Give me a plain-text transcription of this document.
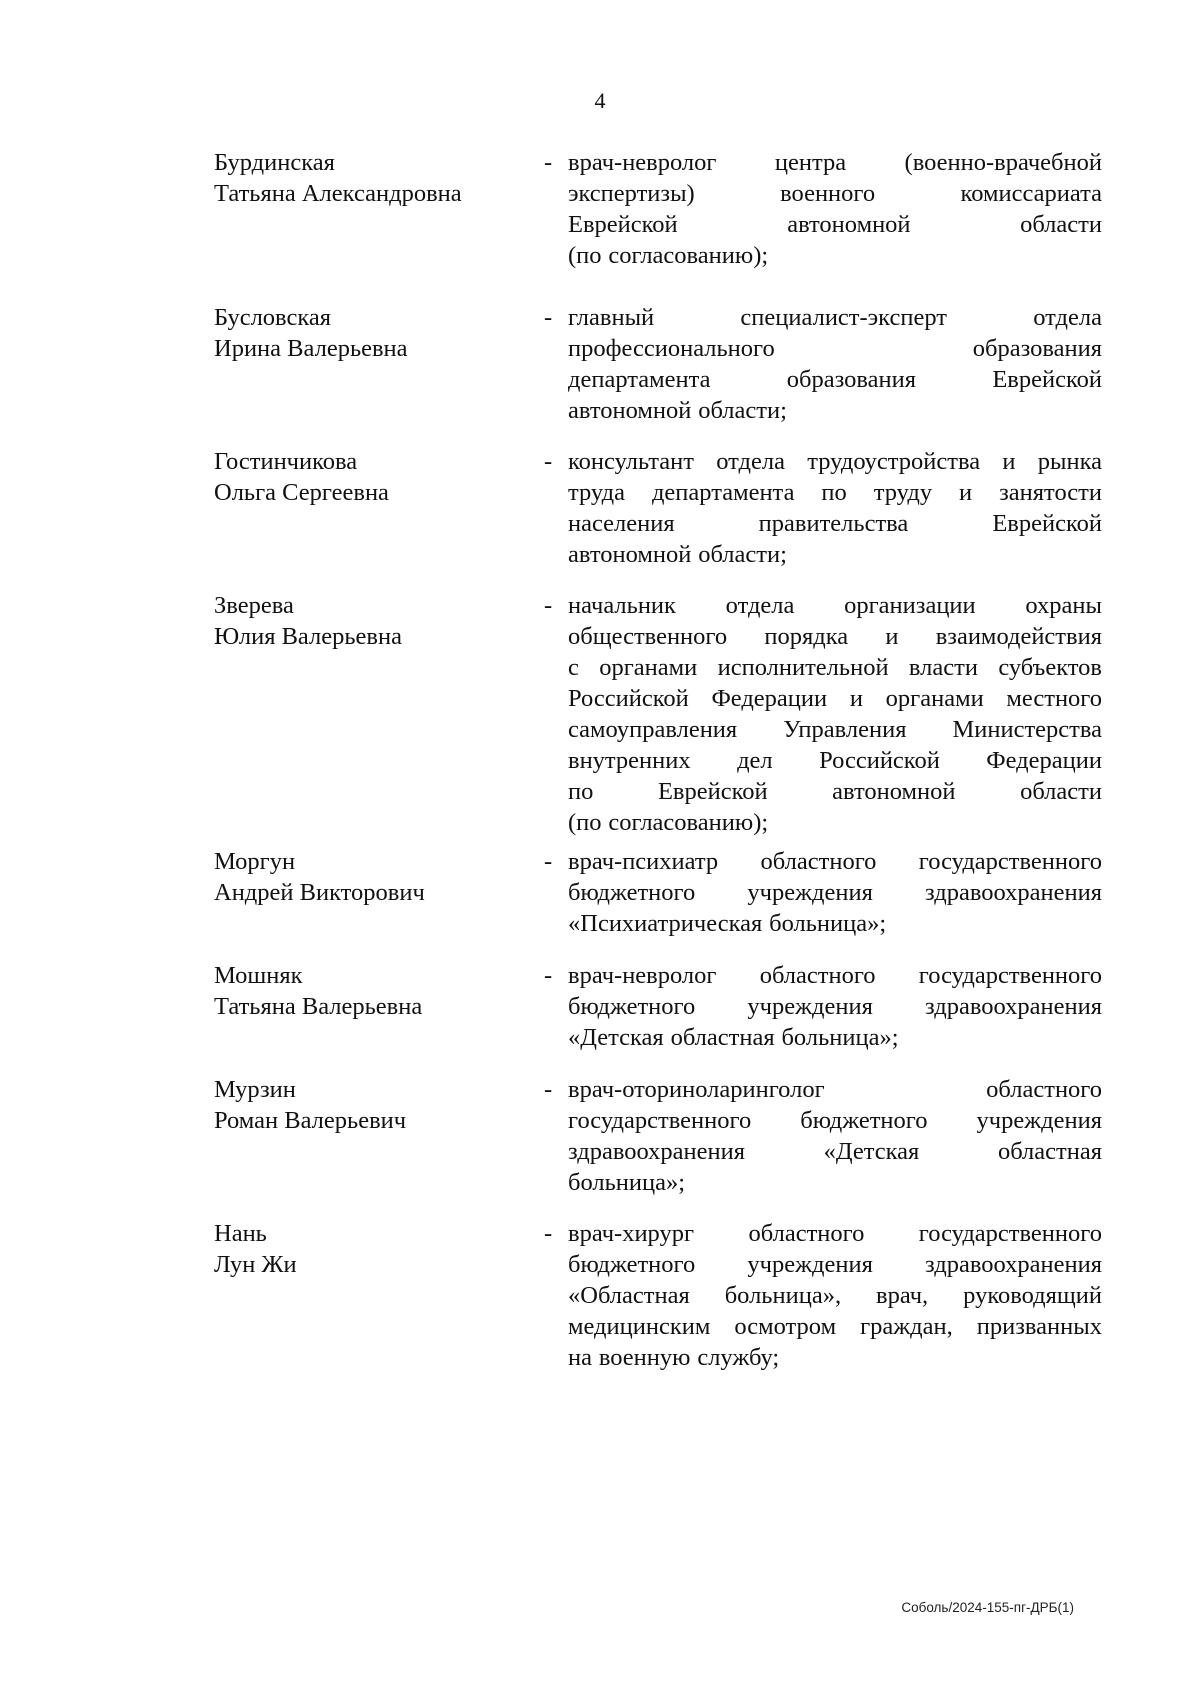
4
Бурдинская
Татьяна Александровна
- врач-невролог центра (военно-врачебной
экспертизы)	военного	комиссариата
Еврейской	автономной	области
(по согласованию);
Бусловская
Ирина Валерьевна
- главный	специалист-эксперт	отдела
профессионального	образования
департамента	образования	Еврейской
автономной области;
Гостинчикова
Ольга Сергеевна
- консультант отдела трудоустройства и рынка
труда департамента по труду и занятости
населения	правительства	Еврейской
автономной области;
Зверева
Юлия Валерьевна
- начальник отдела организации охраны
общественного порядка и взаимодействия
с органами исполнительной власти субъектов
Российской Федерации и органами местного
самоуправления Управления Министерства
внутренних дел Российской Федерации
по	Еврейской	автономной	области
(по согласованию);
Моргун
Андрей Викторович
- врач-психиатр областного государственного
бюджетного учреждения здравоохранения
«Психиатрическая больница»;
Мошняк
Татьяна Валерьевна
- врач-невролог областного государственного
бюджетного учреждения здравоохранения
«Детская областная больница»;
Мурзин
Роман Валерьевич
- врач-оториноларинголог	областного
государственного бюджетного учреждения
здравоохранения	«Детская	областная
больница»;
Нань
Лун Жи
- врач-хирург областного государственного
бюджетного учреждения здравоохранения
«Областная больница», врач, руководящий
медицинским осмотром граждан, призванных
на военную службу;
Соболь/2024-155-пг-ДРБ(1)
